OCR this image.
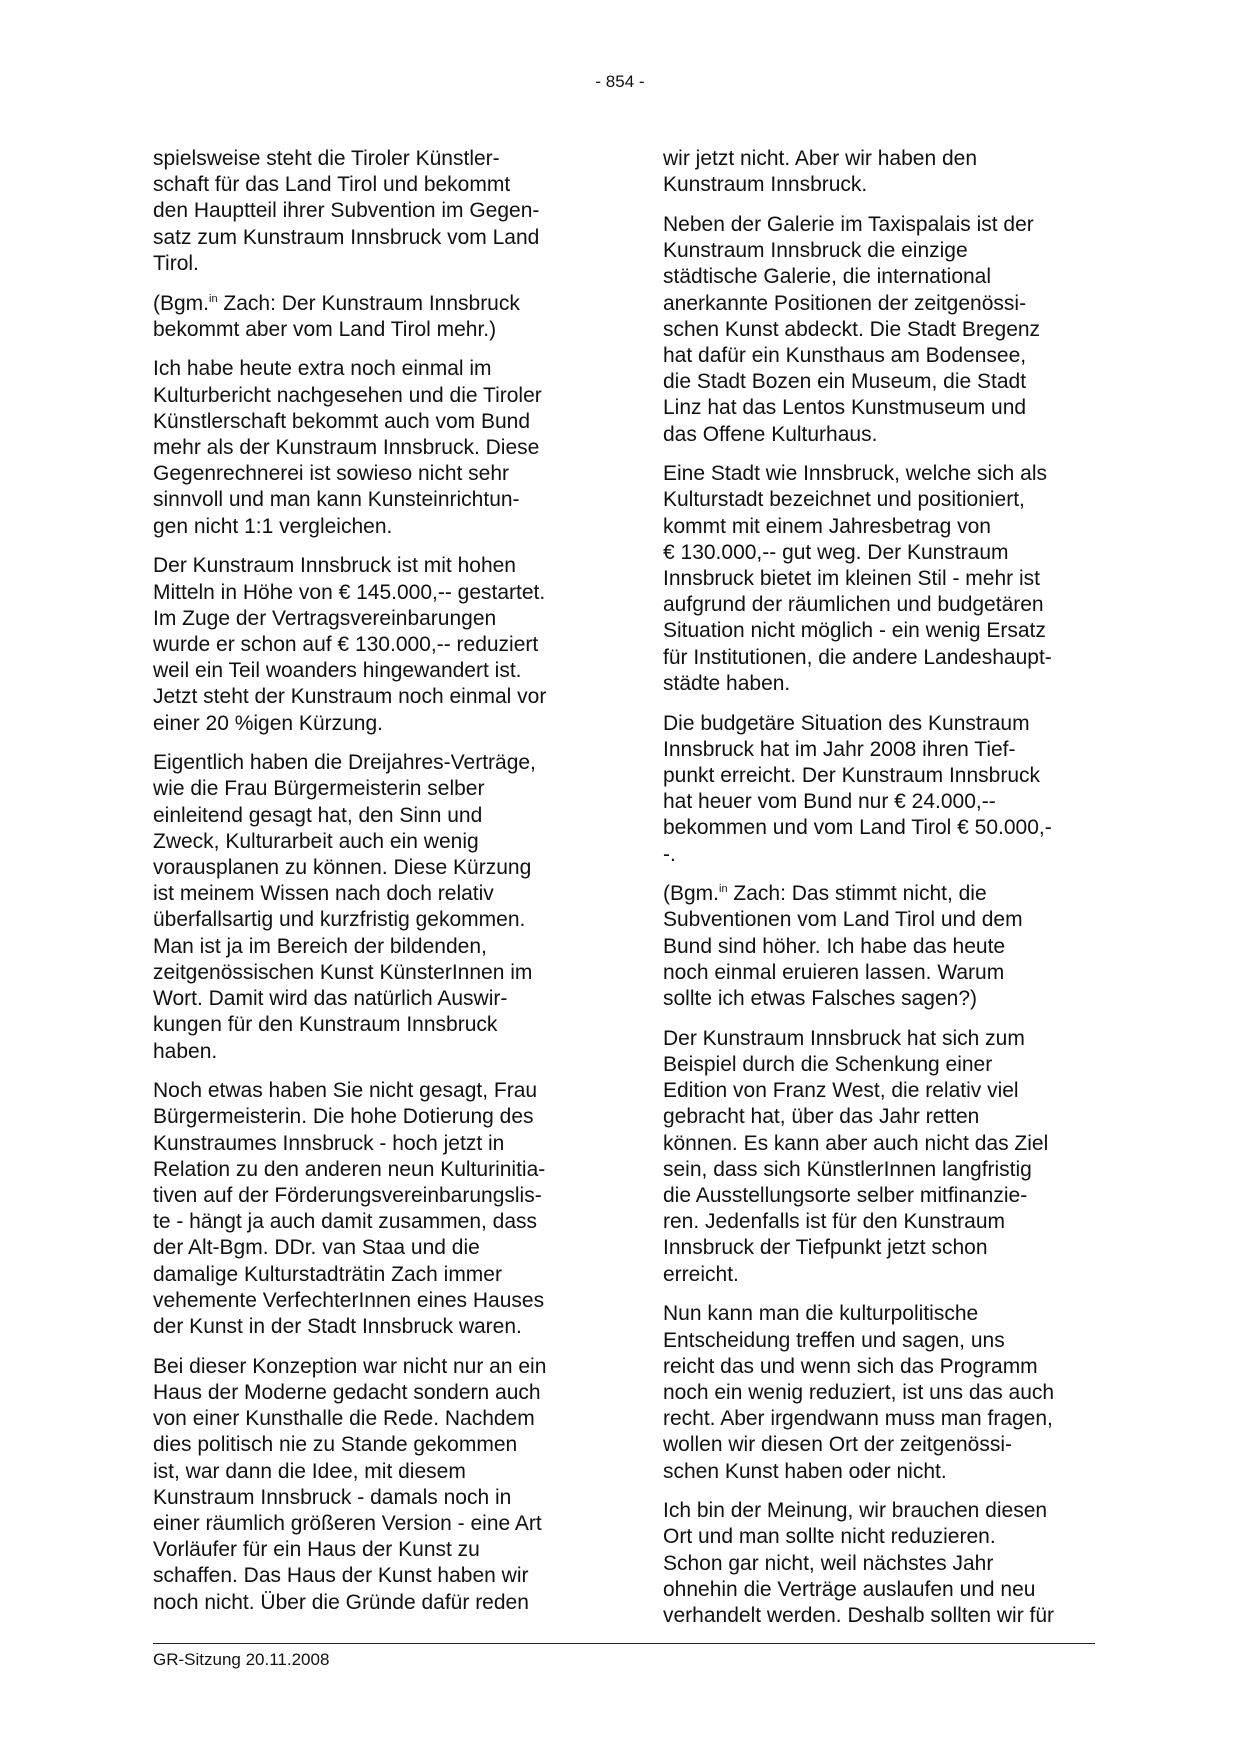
- 854 -
spielsweise steht die Tiroler Künstler-
schaft für das Land Tirol und bekommt
den Hauptteil ihrer Subvention im Gegen-
satz zum Kunstraum Innsbruck vom Land
Tirol.
(Bgm.$^{in}$ Zach: Der Kunstraum Innsbruck
bekommt aber vom Land Tirol mehr.)
Ich habe heute extra noch einmal im
Kulturbericht nachgesehen und die Tiroler
Künstlerschaft bekommt auch vom Bund
mehr als der Kunstraum Innsbruck. Diese
Gegenrechnerei ist sowieso nicht sehr
sinnvoll und man kann Kunsteinrichtun-
gen nicht 1:1 vergleichen.
Der Kunstraum Innsbruck ist mit hohen
Mitteln in Höhe von € 145.000,-- gestartet.
Im Zuge der Vertragsvereinbarungen
wurde er schon auf € 130.000,-- reduziert
weil ein Teil woanders hingewandert ist.
Jetzt steht der Kunstraum noch einmal vor
einer 20 %igen Kürzung.
Eigentlich haben die Dreijahres-Verträge,
wie die Frau Bürgermeisterin selber
einleitend gesagt hat, den Sinn und
Zweck, Kulturarbeit auch ein wenig
vorausplanen zu können. Diese Kürzung
ist meinem Wissen nach doch relativ
überfallsartig und kurzfristig gekommen.
Man ist ja im Bereich der bildenden,
zeitgenössischen Kunst KünsterInnen im
Wort. Damit wird das natürlich Auswir-
kungen für den Kunstraum Innsbruck
haben.
Noch etwas haben Sie nicht gesagt, Frau
Bürgermeisterin. Die hohe Dotierung des
Kunstraumes Innsbruck - hoch jetzt in
Relation zu den anderen neun Kulturinitia-
tiven auf der Förderungsvereinbarungslis-
te - hängt ja auch damit zusammen, dass
der Alt-Bgm. DDr. van Staa und die
damalige Kulturstadträtin Zach immer
vehemente VerfechterInnen eines Hauses
der Kunst in der Stadt Innsbruck waren.
Bei dieser Konzeption war nicht nur an ein
Haus der Moderne gedacht sondern auch
von einer Kunsthalle die Rede. Nachdem
dies politisch nie zu Stande gekommen
ist, war dann die Idee, mit diesem
Kunstraum Innsbruck - damals noch in
einer räumlich größeren Version - eine Art
Vorläufer für ein Haus der Kunst zu
schaffen. Das Haus der Kunst haben wir
noch nicht. Über die Gründe dafür reden
wir jetzt nicht. Aber wir haben den
Kunstraum Innsbruck.
Neben der Galerie im Taxispalais ist der
Kunstraum Innsbruck die einzige
städtische Galerie, die international
anerkannte Positionen der zeitgenössi-
schen Kunst abdeckt. Die Stadt Bregenz
hat dafür ein Kunsthaus am Bodensee,
die Stadt Bozen ein Museum, die Stadt
Linz hat das Lentos Kunstmuseum und
das Offene Kulturhaus.
Eine Stadt wie Innsbruck, welche sich als
Kulturstadt bezeichnet und positioniert,
kommt mit einem Jahresbetrag von
€ 130.000,-- gut weg. Der Kunstraum
Innsbruck bietet im kleinen Stil - mehr ist
aufgrund der räumlichen und budgetären
Situation nicht möglich - ein wenig Ersatz
für Institutionen, die andere Landeshaupt-
städte haben.
Die budgetäre Situation des Kunstraum
Innsbruck hat im Jahr 2008 ihren Tief-
punkt erreicht. Der Kunstraum Innsbruck
hat heuer vom Bund nur € 24.000,--
bekommen und vom Land Tirol € 50.000,-
-.
(Bgm.$^{in}$ Zach: Das stimmt nicht, die
Subventionen vom Land Tirol und dem
Bund sind höher. Ich habe das heute
noch einmal eruieren lassen. Warum
sollte ich etwas Falsches sagen?)
Der Kunstraum Innsbruck hat sich zum
Beispiel durch die Schenkung einer
Edition von Franz West, die relativ viel
gebracht hat, über das Jahr retten
können. Es kann aber auch nicht das Ziel
sein, dass sich KünstlerInnen langfristig
die Ausstellungsorte selber mitfinanzie-
ren. Jedenfalls ist für den Kunstraum
Innsbruck der Tiefpunkt jetzt schon
erreicht.
Nun kann man die kulturpolitische
Entscheidung treffen und sagen, uns
reicht das und wenn sich das Programm
noch ein wenig reduziert, ist uns das auch
recht. Aber irgendwann muss man fragen,
wollen wir diesen Ort der zeitgenössi-
schen Kunst haben oder nicht.
Ich bin der Meinung, wir brauchen diesen
Ort und man sollte nicht reduzieren.
Schon gar nicht, weil nächstes Jahr
ohnehin die Verträge auslaufen und neu
verhandelt werden. Deshalb sollten wir für
GR-Sitzung 20.11.2008
